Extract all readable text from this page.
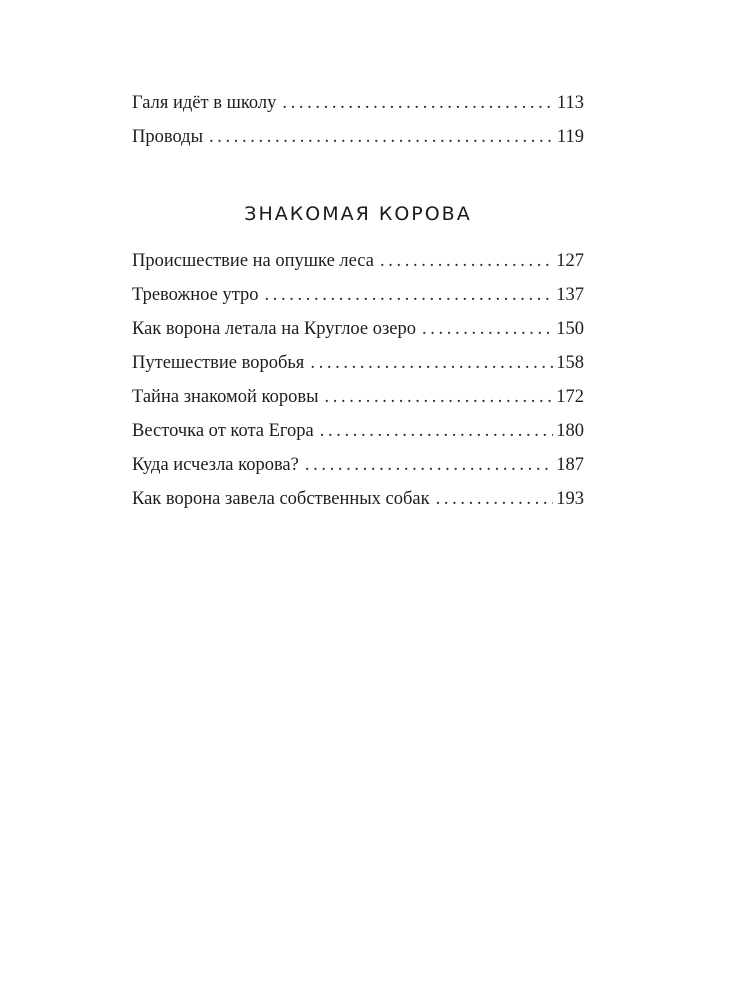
Галя идёт в школу . . .	113
Проводы . . .	119
ЗНАКОМАЯ КОРОВА
Происшествие на опушке леса . . .	127
Тревожное утро . . .	137
Как ворона летала на Круглое озеро . . .	150
Путешествие воробья . . .	158
Тайна знакомой коровы . . .	172
Весточка от кота Егора . . .	180
Куда исчезла корова? . . .	187
Как ворона завела собственных собак . . .	193
